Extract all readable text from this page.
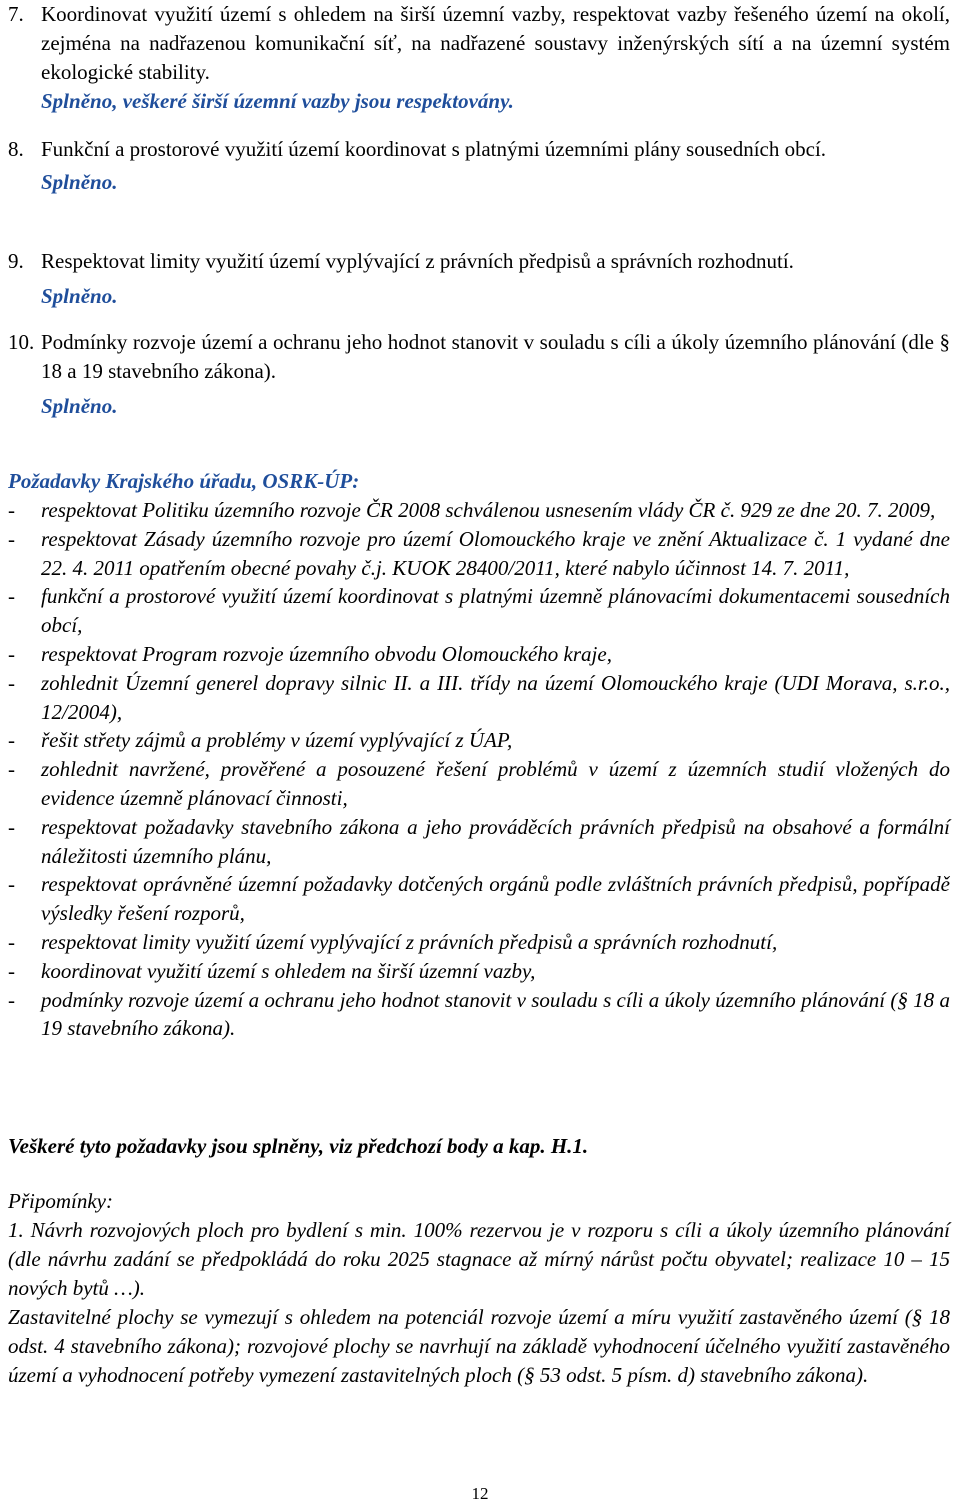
7. Koordinovat využití území s ohledem na širší územní vazby, respektovat vazby řešeného území na okolí, zejména na nadřazenou komunikační síť, na nadřazené soustavy inženýrských sítí a na územní systém ekologické stability.
Splněno, veškeré širší územní vazby jsou respektovány.
8. Funkční a prostorové využití území koordinovat s platnými územními plány sousedních obcí.
Splněno.
9. Respektovat limity využití území vyplývající z právních předpisů a správních rozhodnutí.
Splněno.
10. Podmínky rozvoje území a ochranu jeho hodnot stanovit v souladu s cíli a úkoly územního plánování (dle § 18 a 19 stavebního zákona).
Splněno.
Požadavky Krajského úřadu, OSRK-ÚP:
-	respektovat Politiku územního rozvoje ČR 2008 schválenou usnesením vlády ČR č. 929 ze dne 20. 7. 2009,
-	respektovat Zásady územního rozvoje pro území Olomouckého kraje ve znění Aktualizace č. 1 vydané dne 22. 4. 2011 opatřením obecné povahy č.j. KUOK 28400/2011, které nabylo účinnost 14. 7. 2011,
-	funkční a prostorové využití území koordinovat s platnými územně plánovacími dokumentacemi sousedních obcí,
-	respektovat Program rozvoje územního obvodu Olomouckého kraje,
-	zohlednit Územní generel dopravy silnic II. a III. třídy na území Olomouckého kraje (UDI Morava, s.r.o., 12/2004),
-	řešit střety zájmů a problémy v území vyplývající z ÚAP,
-	zohlednit navržené, prověřené a posouzené řešení problémů v území z územních studií vložených do evidence územně plánovací činnosti,
-	respektovat požadavky stavebního zákona a jeho prováděcích právních předpisů na obsahové a formální náležitosti územního plánu,
-	respektovat oprávněné územní požadavky dotčených orgánů podle zvláštních právních předpisů, popřípadě výsledky řešení rozporů,
-	respektovat limity využití území vyplývající z právních předpisů a správních rozhodnutí,
-	koordinovat využití území s ohledem na širší územní vazby,
-	podmínky rozvoje území a ochranu jeho hodnot stanovit v souladu s cíli a úkoly územního plánování (§ 18 a 19 stavebního zákona).
Veškeré tyto požadavky jsou splněny, viz předchozí body a kap. H.1.
Připomínky:
1. Návrh rozvojových ploch pro bydlení s min. 100% rezervou je v rozporu s cíli a úkoly územního plánování (dle návrhu zadání se předpokládá do roku 2025 stagnace až mírný nárůst počtu obyvatel; realizace 10 – 15 nových bytů …).
Zastavitelné plochy se vymezují s ohledem na potenciál rozvoje území a míru využití zastavěného území (§ 18 odst. 4 stavebního zákona); rozvojové plochy se navrhují na základě vyhodnocení účelného využití zastavěného území a vyhodnocení potřeby vymezení zastavitelných ploch (§ 53 odst. 5 písm. d) stavebního zákona).
12
